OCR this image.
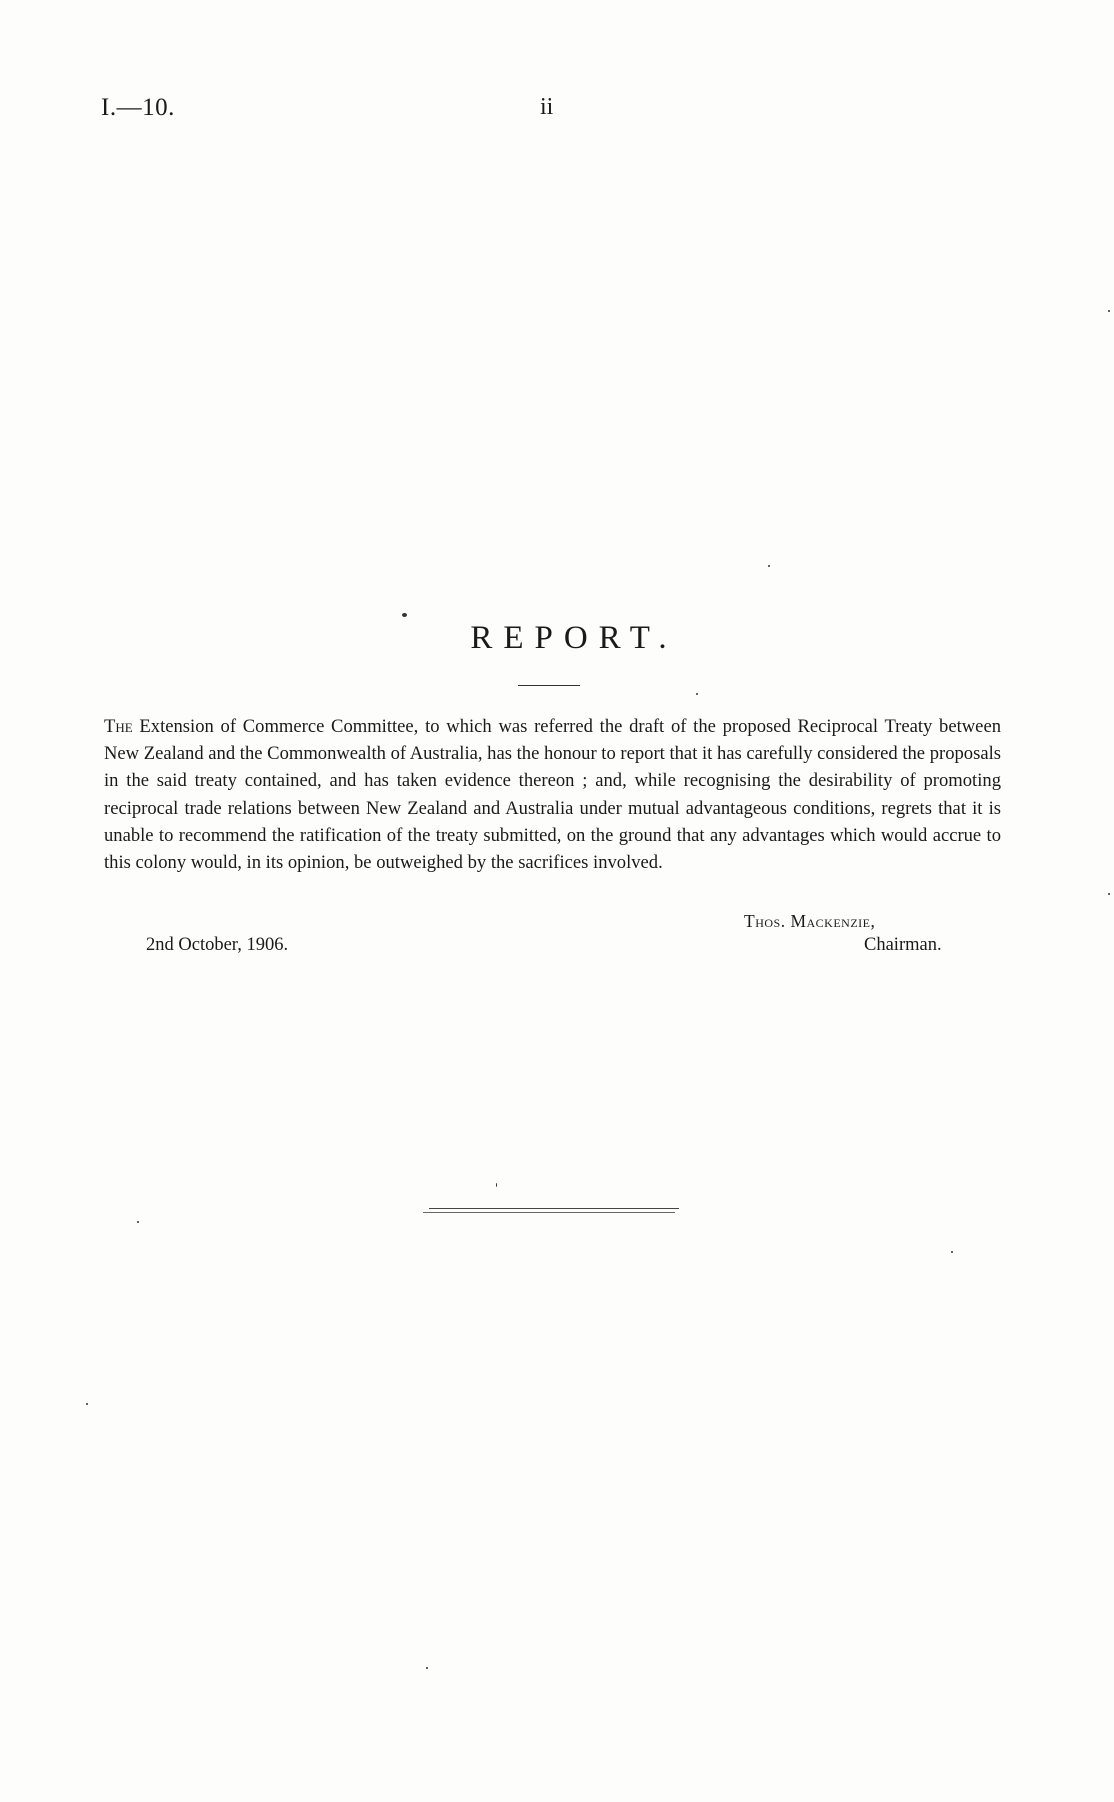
I.—10.	ii
REPORT.

The Extension of Commerce Committee, to which was referred the draft of the proposed Reciprocal Treaty between New Zealand and the Commonwealth of Australia, has the honour to report that it has carefully considered the proposals in the said treaty contained, and has taken evidence thereon ; and, while recognising the desirability of promoting reciprocal trade relations between New Zealand and Australia under mutual advantageous conditions, regrets that it is unable to recommend the ratification of the treaty submitted, on the ground that any advantages which would accrue to this colony would, in its opinion, be outweighed by the sacrifices involved.

Thos. Mackenzie,
2nd October, 1906.	Chairman.
